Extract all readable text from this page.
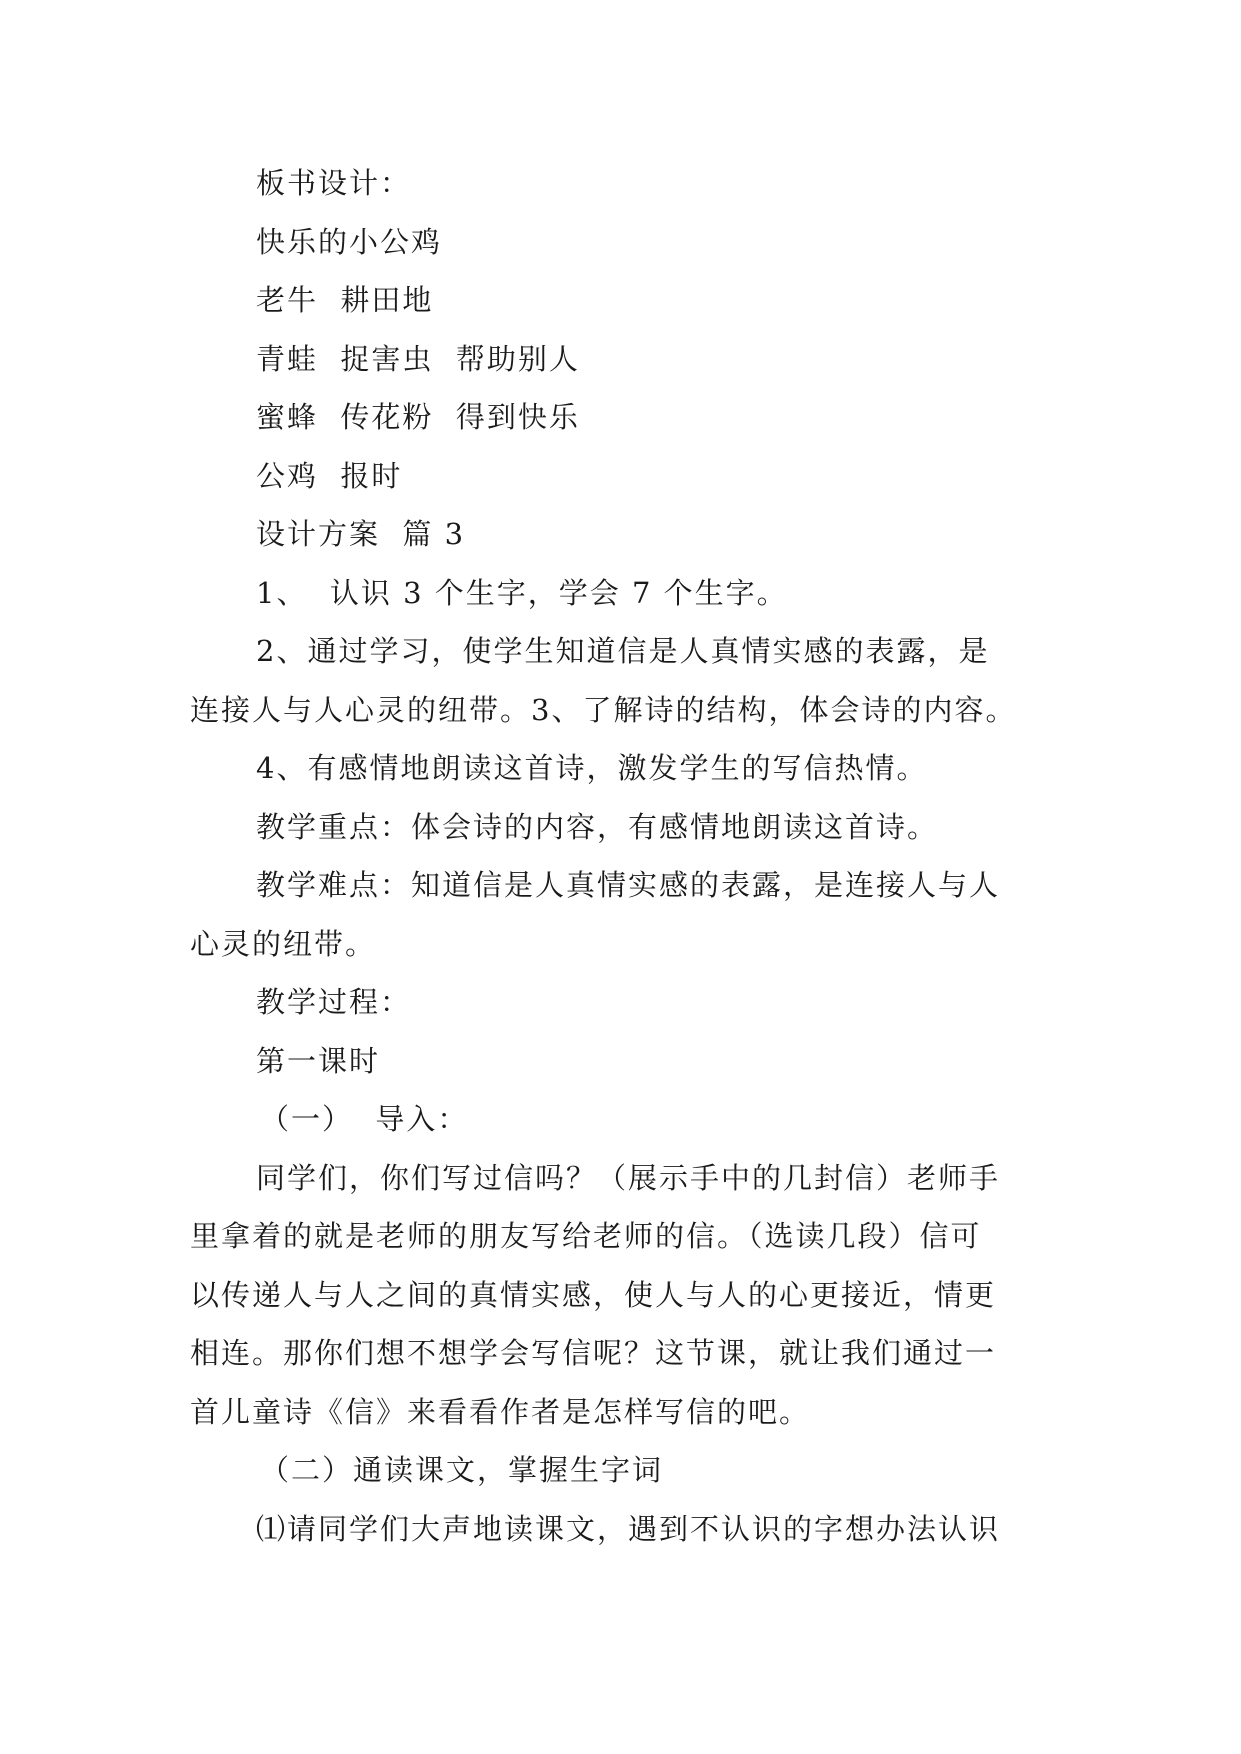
板书设计：
快乐的小公鸡
老牛  耕田地
青蛙  捉害虫  帮助别人
蜜蜂  传花粉  得到快乐
公鸡  报时
设计方案  篇 3
1、  认识 3 个生字，学会 7 个生字。
2、通过学习，使学生知道信是人真情实感的表露，是
连接人与人心灵的纽带。3、了解诗的结构，体会诗的内容。
4、有感情地朗读这首诗，激发学生的写信热情。
教学重点：体会诗的内容，有感情地朗读这首诗。
教学难点：知道信是人真情实感的表露，是连接人与人
心灵的纽带。
教学过程：
第一课时
（一）  导入：
同学们，你们写过信吗？（展示手中的几封信）老师手
里拿着的就是老师的朋友写给老师的信。（选读几段）信可
以传递人与人之间的真情实感，使人与人的心更接近，情更
相连。那你们想不想学会写信呢？这节课，就让我们通过一
首儿童诗《信》来看看作者是怎样写信的吧。
（二）通读课文，掌握生字词
⑴请同学们大声地读课文，遇到不认识的字想办法认识
